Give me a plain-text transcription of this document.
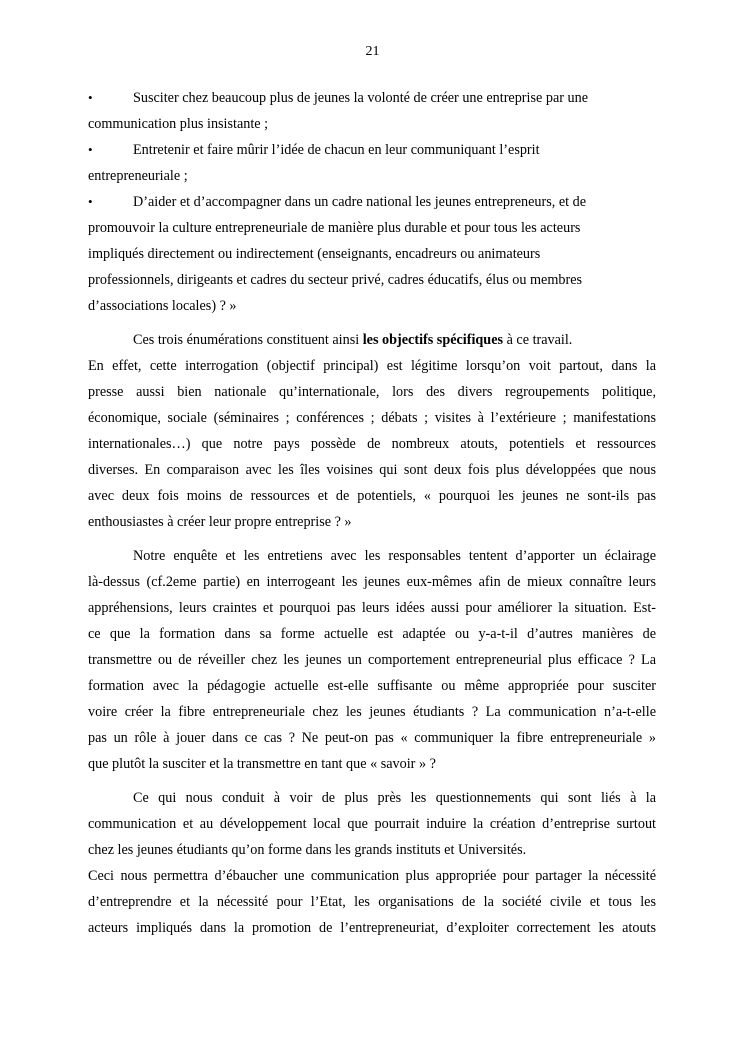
21
•	Susciter chez beaucoup plus de jeunes la volonté de créer une entreprise par une
communication plus insistante ;
•	Entretenir et faire mûrir l’idée de chacun en leur communiquant l’esprit
entrepreneuriale ;
•	D’aider et d’accompagner dans un cadre national les jeunes entrepreneurs, et de
promouvoir la culture entrepreneuriale de manière plus durable et pour tous les acteurs
impliqués directement ou indirectement (enseignants, encadreurs ou animateurs
professionnels, dirigeants et cadres du secteur privé, cadres éducatifs, élus ou membres
d’associations locales) ? »
Ces trois énumérations constituent ainsi les objectifs spécifiques à ce travail.
En effet, cette interrogation (objectif principal) est légitime lorsqu’on voit partout, dans la
presse aussi bien nationale qu’internationale, lors des divers regroupements politique,
économique, sociale (séminaires ; conférences ; débats ; visites à l’extérieure ; manifestations
internationales…) que notre pays possède de nombreux atouts, potentiels et ressources
diverses. En comparaison avec les îles voisines qui sont deux fois plus développées que nous
avec deux fois moins de ressources et de potentiels, « pourquoi les jeunes ne sont-ils pas
enthousiastes à créer leur propre entreprise ? »
Notre enquête et les entretiens avec les responsables tentent d’apporter un éclairage
là-dessus (cf.2eme partie) en interrogeant les jeunes eux-mêmes afin de mieux connaître leurs
appréhensions, leurs craintes et pourquoi pas leurs idées aussi pour améliorer la situation. Est-
ce que la formation dans sa forme actuelle est adaptée ou y-a-t-il d’autres manières de
transmettre ou de réveiller chez les jeunes un comportement entrepreneurial plus efficace ? La
formation avec la pédagogie actuelle est-elle suffisante ou même appropriée pour susciter
voire créer la fibre entrepreneuriale chez les jeunes étudiants ? La communication n’a-t-elle
pas un rôle à jouer dans ce cas ? Ne peut-on pas « communiquer la fibre entrepreneuriale »
que plutôt la susciter et la transmettre en tant que « savoir » ?
Ce qui nous conduit à voir de plus près les questionnements qui sont liés à la
communication et au développement local que pourrait induire la création d’entreprise surtout
chez les jeunes étudiants qu’on forme dans les grands instituts et Universités.
Ceci nous permettra d’ébaucher une communication plus appropriée pour partager la nécessité
d’entreprendre et la nécessité pour l’Etat, les organisations de la société civile et tous les
acteurs impliqués dans la promotion de l’entrepreneuriat, d’exploiter correctement les atouts
